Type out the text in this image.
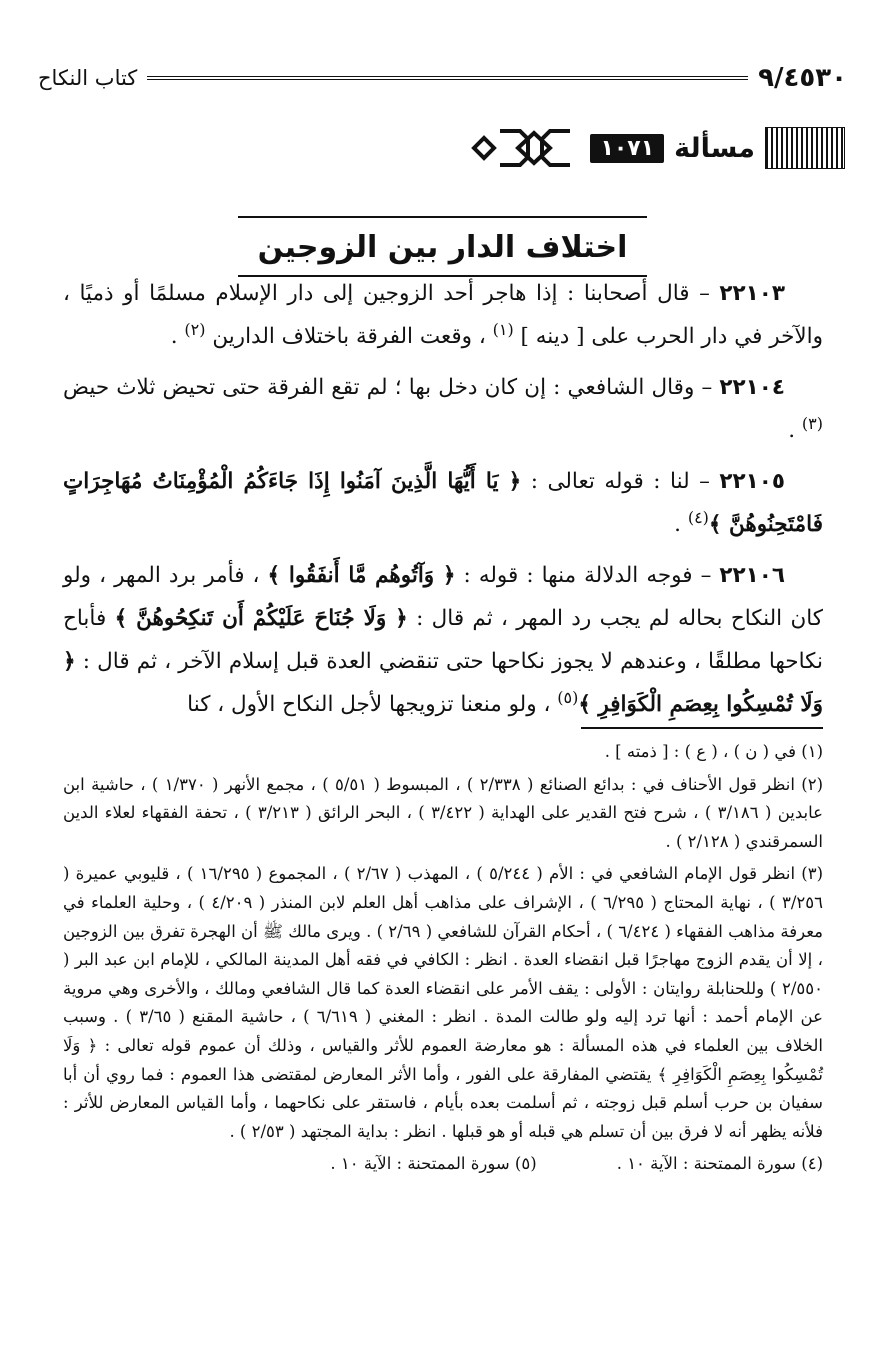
٩/٤٥٣٠
كتاب النكاح
مسألة
١٠٧١
اختلاف الدار بين الزوجين

٢٢١٠٣ – قال أصحابنا : إذا هاجر أحد الزوجين إلى دار الإسلام مسلمًا أو ذميًا ، والآخر في دار الحرب على [ دينه ] $^{(١)}$ ، وقعت الفرقة باختلاف الدارين $^{(٢)}$ .

٢٢١٠٤ – وقال الشافعي : إن كان دخل بها ؛ لم تقع الفرقة حتى تحيض ثلاث حيض $^{(٣)}$ .

٢٢١٠٥ – لنا : قوله تعالى : ﴿ يَا أَيُّهَا الَّذِينَ آمَنُوا إِذَا جَاءَكُمُ الْمُؤْمِنَاتُ مُهَاجِرَاتٍ فَامْتَحِنُوهُنَّ ﴾$^{(٤)}$ .

٢٢١٠٦ – فوجه الدلالة منها : قوله : ﴿ وَآتُوهُم مَّا أَنفَقُوا ﴾ ، فأمر برد المهر ، ولو كان النكاح بحاله لم يجب رد المهر ، ثم قال : ﴿ وَلَا جُنَاحَ عَلَيْكُمْ أَن تَنكِحُوهُنَّ ﴾ فأباح نكاحها مطلقًا ، وعندهم لا يجوز نكاحها حتى تنقضي العدة قبل إسلام الآخر ، ثم قال : ﴿ وَلَا تُمْسِكُوا بِعِصَمِ الْكَوَافِرِ ﴾$^{(٥)}$ ، ولو منعنا تزويجها لأجل النكاح الأول ، كنا

(١) في ( ن ) ، ( ع ) : [ ذمته ] .

(٢) انظر قول الأحناف في : بدائع الصنائع ( ٢/٣٣٨ ) ، المبسوط ( ٥/٥١ ) ، مجمع الأنهر ( ١/٣٧٠ ) ، حاشية ابن عابدين ( ٣/١٨٦ ) ، شرح فتح القدير على الهداية ( ٣/٤٢٢ ) ، البحر الرائق ( ٣/٢١٣ ) ، تحفة الفقهاء لعلاء الدين السمرقندي ( ٢/١٢٨ ) .

(٣) انظر قول الإمام الشافعي في : الأم ( ٥/٢٤٤ ) ، المهذب ( ٢/٦٧ ) ، المجموع ( ١٦/٢٩٥ ) ، قليوبي عميرة ( ٣/٢٥٦ ) ، نهاية المحتاج ( ٦/٢٩٥ ) ، الإشراف على مذاهب أهل العلم لابن المنذر ( ٤/٢٠٩ ) ، وحلية العلماء في معرفة مذاهب الفقهاء ( ٦/٤٢٤ ) ، أحكام القرآن للشافعي ( ٢/٦٩ ) . ويرى مالك ﷺ أن الهجرة تفرق بين الزوجين ، إلا أن يقدم الزوج مهاجرًا قبل انقضاء العدة . انظر : الكافي في فقه أهل المدينة المالكي ، للإمام ابن عبد البر ( ٢/٥٥٠ ) وللحنابلة روايتان : الأولى : يقف الأمر على انقضاء العدة كما قال الشافعي ومالك ، والأخرى وهي مروية عن الإمام أحمد : أنها ترد إليه ولو طالت المدة . انظر : المغني ( ٦/٦١٩ ) ، حاشية المقنع ( ٣/٦٥ ) . وسبب الخلاف بين العلماء في هذه المسألة : هو معارضة العموم للأثر والقياس ، وذلك أن عموم قوله تعالى : ﴿ وَلَا تُمْسِكُوا بِعِصَمِ الْكَوَافِرِ ﴾ يقتضي المفارقة على الفور ، وأما الأثر المعارض لمقتضى هذا العموم : فما روي أن أبا سفيان بن حرب أسلم قبل زوجته ، ثم أسلمت بعده بأيام ، فاستقر على نكاحهما ، وأما القياس المعارض للأثر : فلأنه يظهر أنه لا فرق بين أن تسلم هي قبله أو هو قبلها . انظر : بداية المجتهد ( ٢/٥٣ ) .

(٤) سورة الممتحنة : الآية ١٠ .
(٥) سورة الممتحنة : الآية ١٠ .
